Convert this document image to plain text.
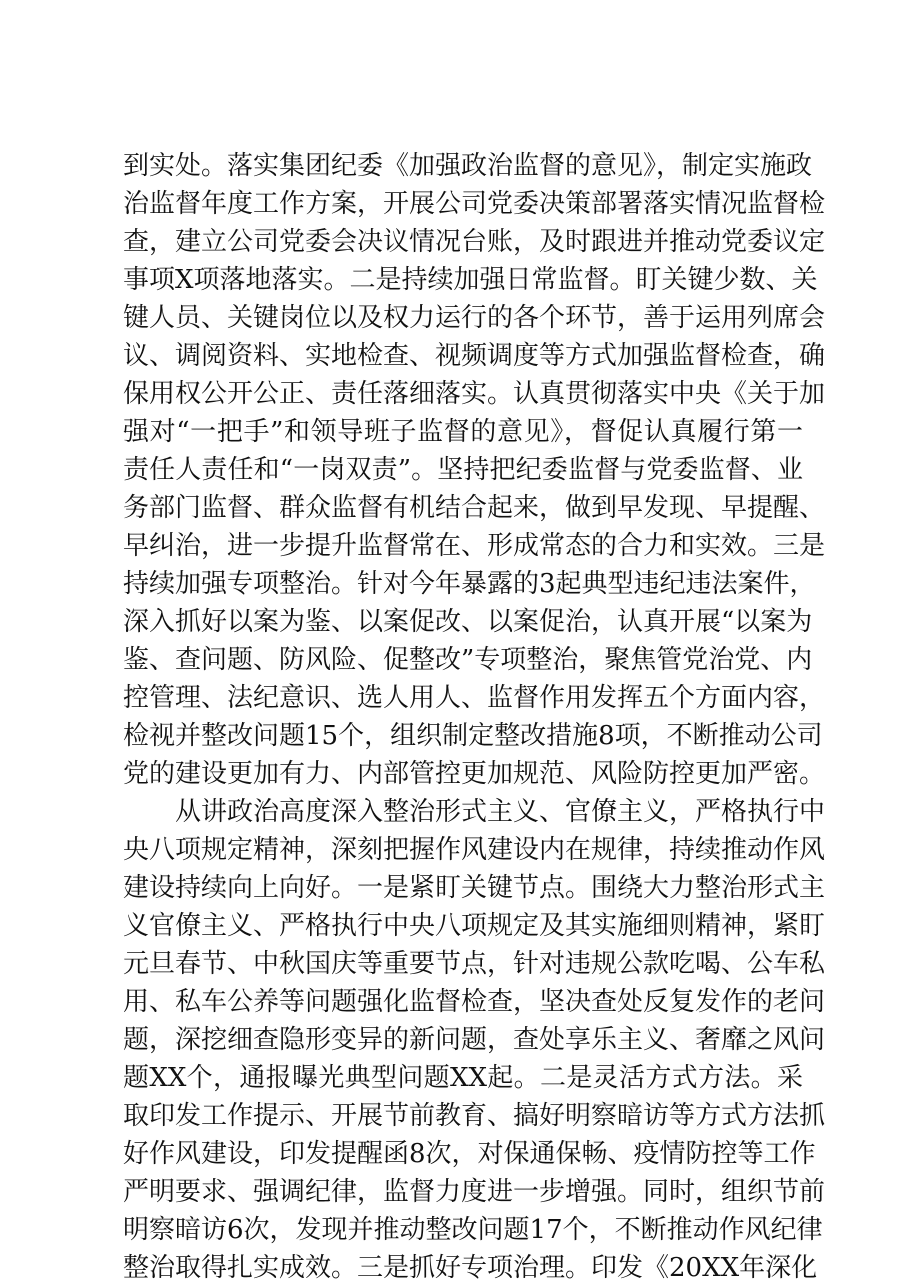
到实处。落实集团纪委《加强政治监督的意见》，制定实施政
治监督年度工作方案，开展公司党委决策部署落实情况监督检
查，建立公司党委会决议情况台账，及时跟进并推动党委议定
事项X项落地落实。二是持续加强日常监督。盯关键少数、关
键人员、关键岗位以及权力运行的各个环节，善于运用列席会
议、调阅资料、实地检查、视频调度等方式加强监督检查，确
保用权公开公正、责任落细落实。认真贯彻落实中央《关于加
强对“一把手”和领导班子监督的意见》，督促认真履行第一
责任人责任和“一岗双责”。坚持把纪委监督与党委监督、业
务部门监督、群众监督有机结合起来，做到早发现、早提醒、
早纠治，进一步提升监督常在、形成常态的合力和实效。三是
持续加强专项整治。针对今年暴露的3起典型违纪违法案件，
深入抓好以案为鉴、以案促改、以案促治，认真开展“以案为
鉴、查问题、防风险、促整改”专项整治，聚焦管党治党、内
控管理、法纪意识、选人用人、监督作用发挥五个方面内容，
检视并整改问题15个，组织制定整改措施8项，不断推动公司
党的建设更加有力、内部管控更加规范、风险防控更加严密。
从讲政治高度深入整治形式主义、官僚主义，严格执行中
央八项规定精神，深刻把握作风建设内在规律，持续推动作风
建设持续向上向好。一是紧盯关键节点。围绕大力整治形式主
义官僚主义、严格执行中央八项规定及其实施细则精神，紧盯
元旦春节、中秋国庆等重要节点，针对违规公款吃喝、公车私
用、私车公养等问题强化监督检查，坚决查处反复发作的老问
题，深挖细查隐形变异的新问题，查处享乐主义、奢靡之风问
题XX个，通报曝光典型问题XX起。二是灵活方式方法。采
取印发工作提示、开展节前教育、搞好明察暗访等方式方法抓
好作风建设，印发提醒函8次，对保通保畅、疫情防控等工作
严明要求、强调纪律，监督力度进一步增强。同时，组织节前
明察暗访6次，发现并推动整改问题17个，不断推动作风纪律
整治取得扎实成效。三是抓好专项治理。印发《20XX年深化
